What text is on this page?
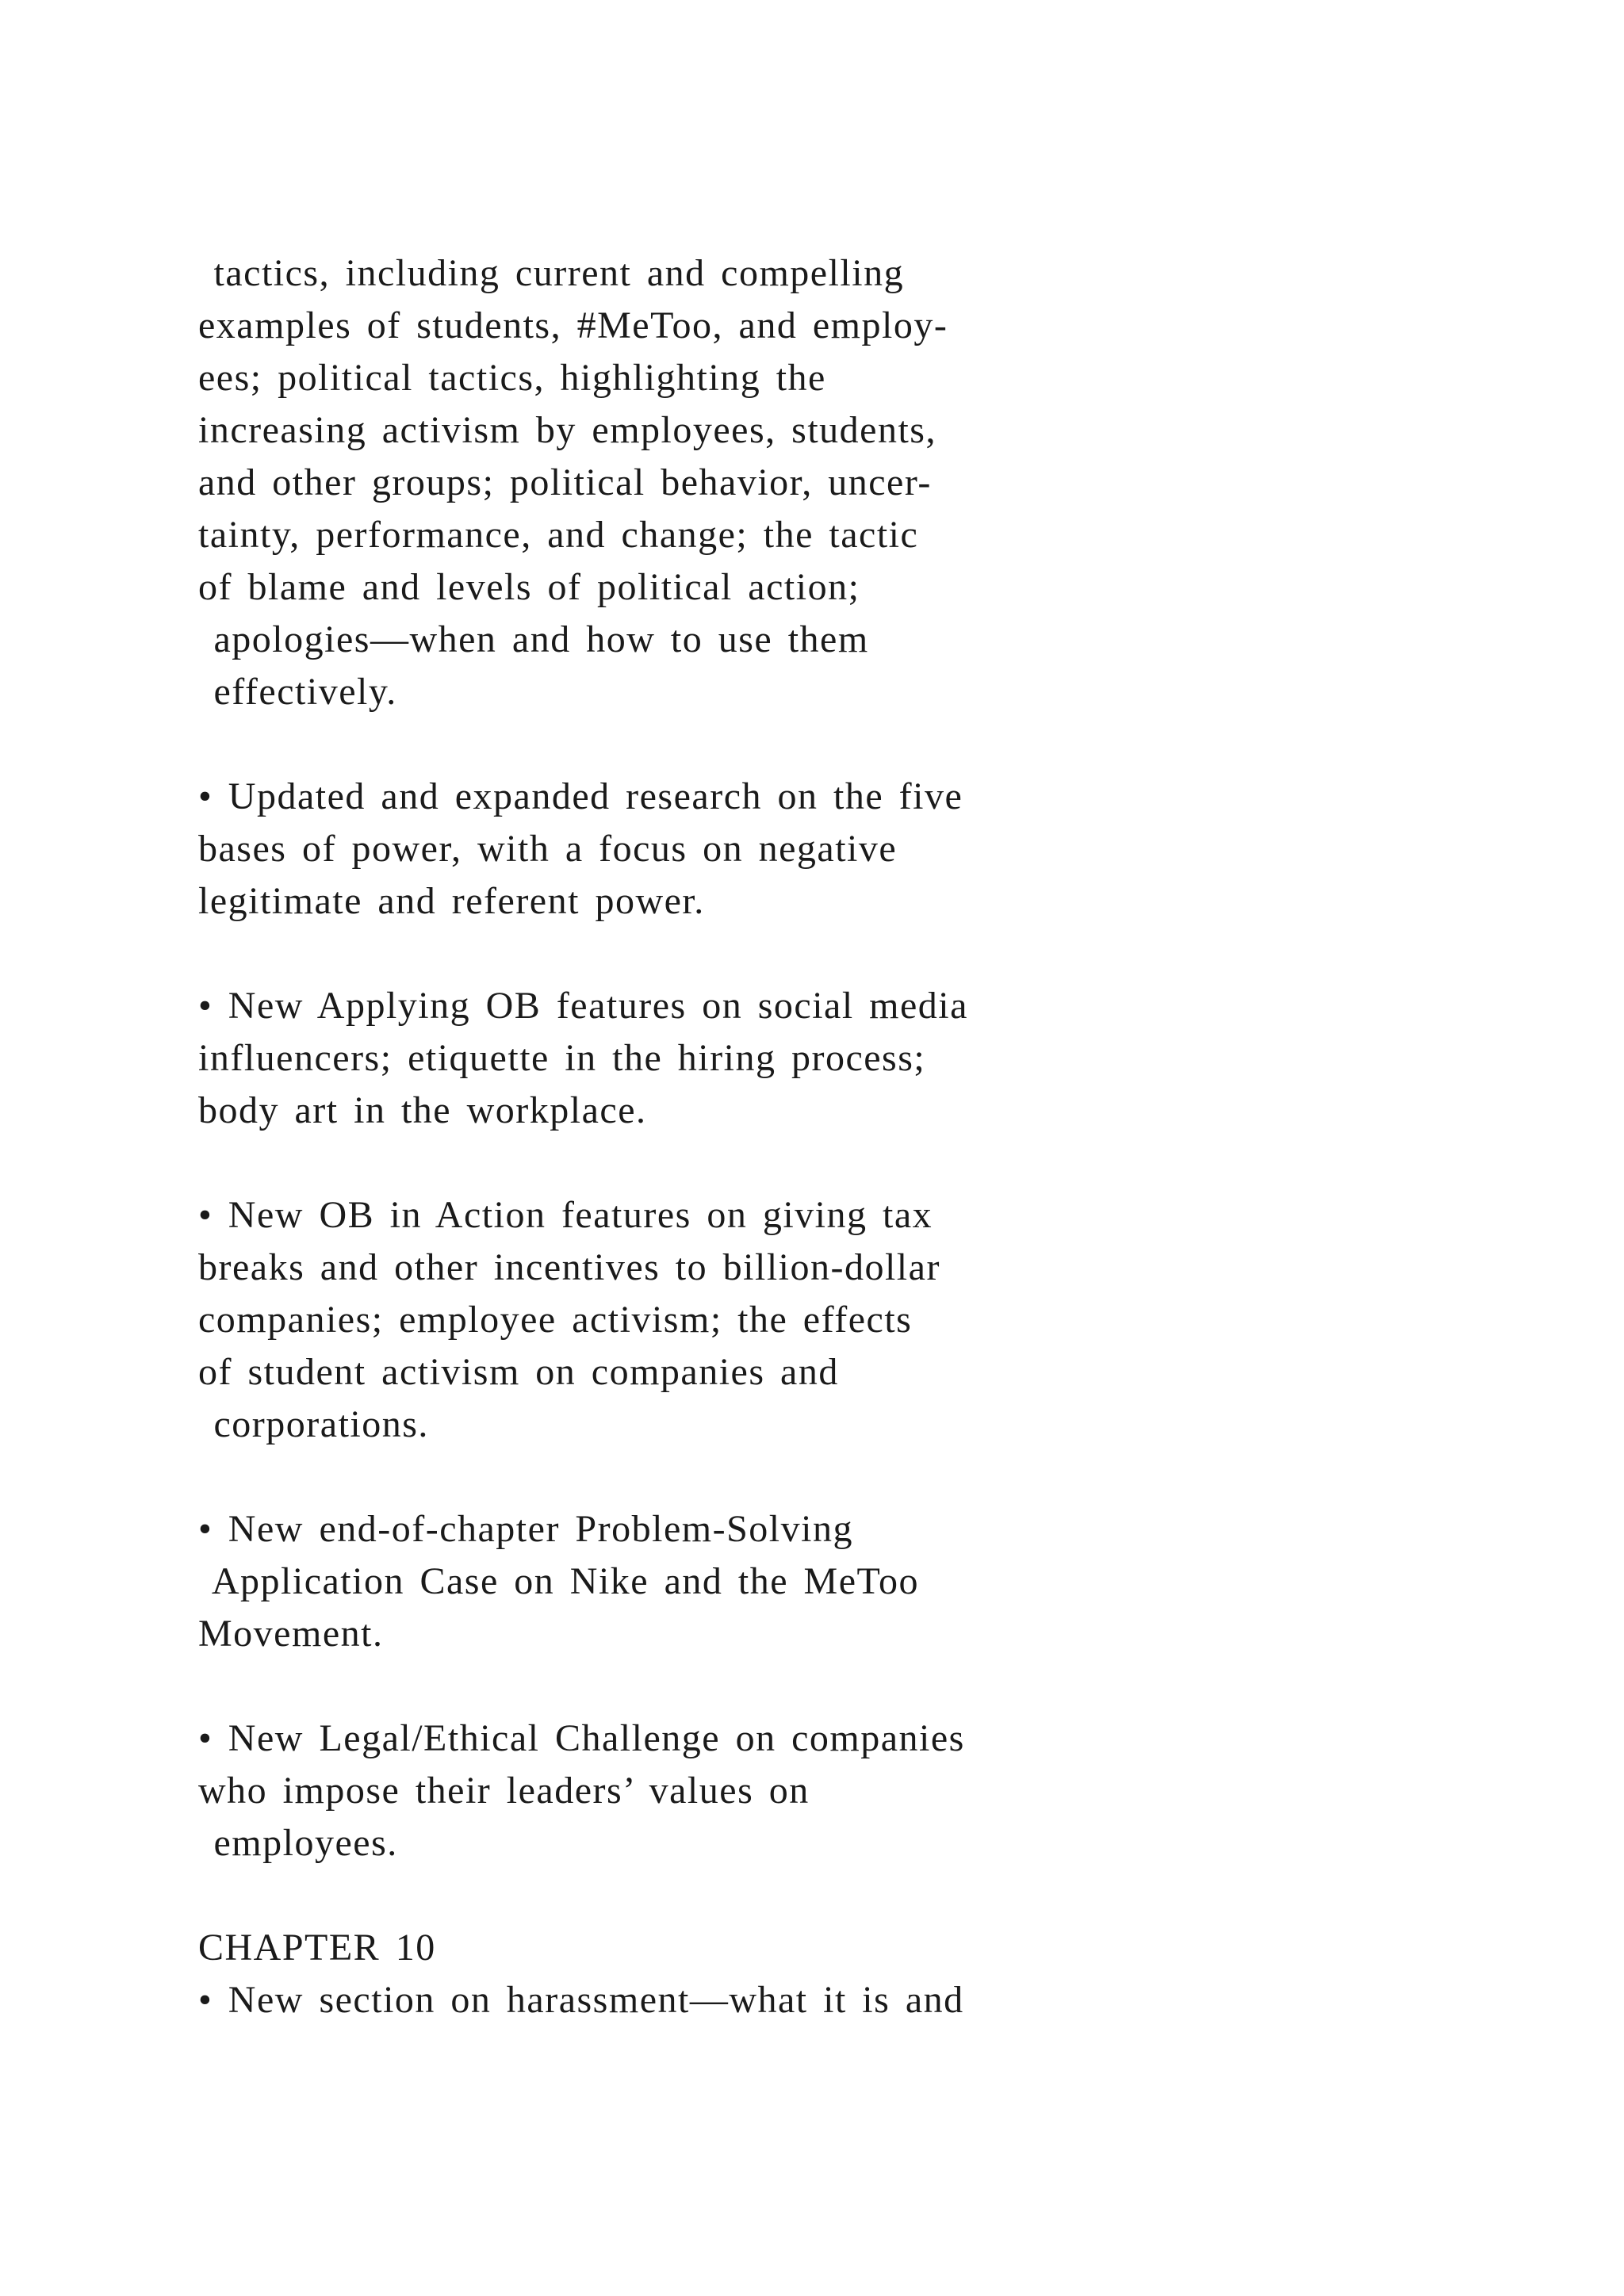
tactics, including current and compelling
examples of students, #MeToo, and employ-
ees; political tactics, highlighting the
increasing activism by employees, students,
and other groups; political behavior, uncer-
tainty, performance, and change; the tactic
of blame and levels of political action;
apologies—when and how to use them
effectively.
• Updated and expanded research on the five
bases of power, with a focus on negative
legitimate and referent power.
• New Applying OB features on social media
influencers; etiquette in the hiring process;
body art in the workplace.
• New OB in Action features on giving tax
breaks and other incentives to billion-dollar
companies; employee activism; the effects
of student activism on companies and
corporations.
• New end-of-chapter Problem-Solving
Application Case on Nike and the MeToo
Movement.
• New Legal/Ethical Challenge on companies
who impose their leaders’ values on
employees.
CHAPTER 10
• New section on harassment—what it is and
